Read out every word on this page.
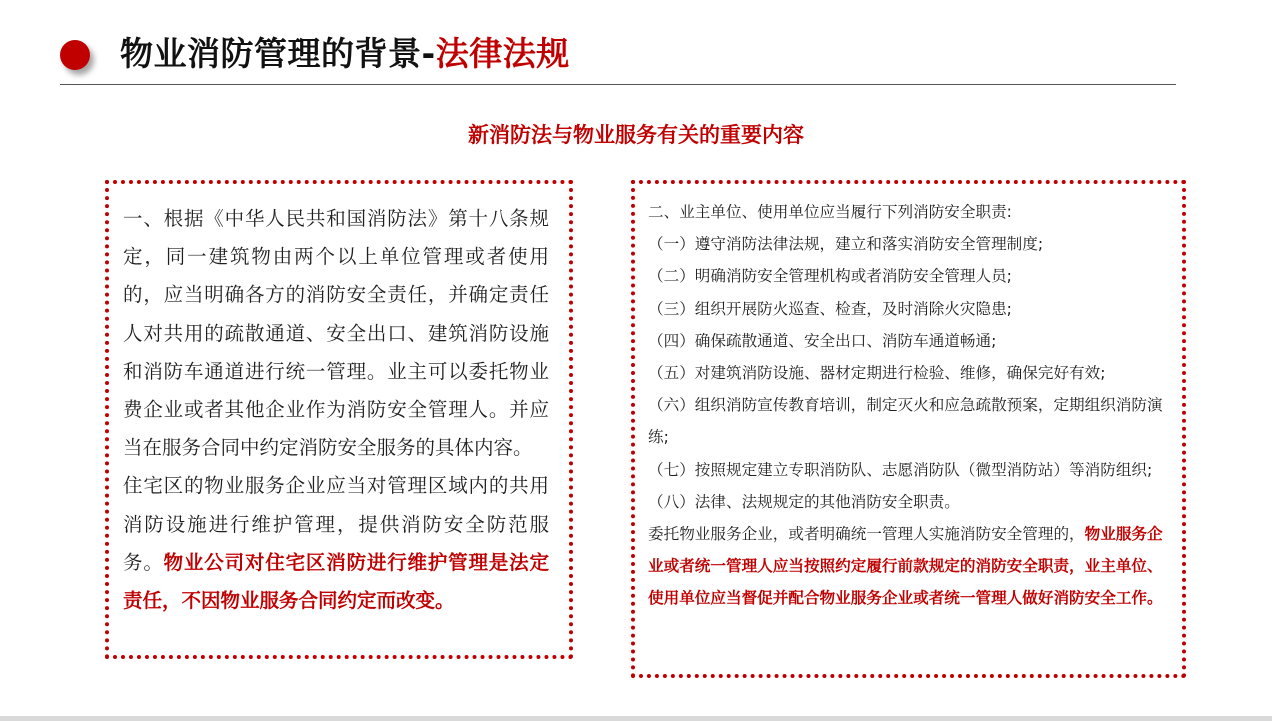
物业消防管理的背景-法律法规
新消防法与物业服务有关的重要内容

一、根据《中华人民共和国消防法》第十八条规定，同一建筑物由两个以上单位管理或者使用的，应当明确各方的消防安全责任，并确定责任人对共用的疏散通道、安全出口、建筑消防设施和消防车通道进行统一管理。业主可以委托物业费企业或者其他企业作为消防安全管理人。并应当在服务合同中约定消防安全服务的具体内容。

住宅区的物业服务企业应当对管理区域内的共用消防设施进行维护管理，提供消防安全防范服务。物业公司对住宅区消防进行维护管理是法定责任，不因物业服务合同约定而改变。

二、业主单位、使用单位应当履行下列消防安全职责:

（一）遵守消防法律法规，建立和落实消防安全管理制度;

（二）明确消防安全管理机构或者消防安全管理人员;

（三）组织开展防火巡查、检查，及时消除火灾隐患;

（四）确保疏散通道、安全出口、消防车通道畅通;

（五）对建筑消防设施、器材定期进行检验、维修，确保完好有效;

（六）组织消防宣传教育培训，制定灭火和应急疏散预案，定期组织消防演练;

（七）按照规定建立专职消防队、志愿消防队（微型消防站）等消防组织;

（八）法律、法规规定的其他消防安全职责。

委托物业服务企业，或者明确统一管理人实施消防安全管理的，物业服务企业或者统一管理人应当按照约定履行前款规定的消防安全职责，业主单位、使用单位应当督促并配合物业服务企业或者统一管理人做好消防安全工作。
